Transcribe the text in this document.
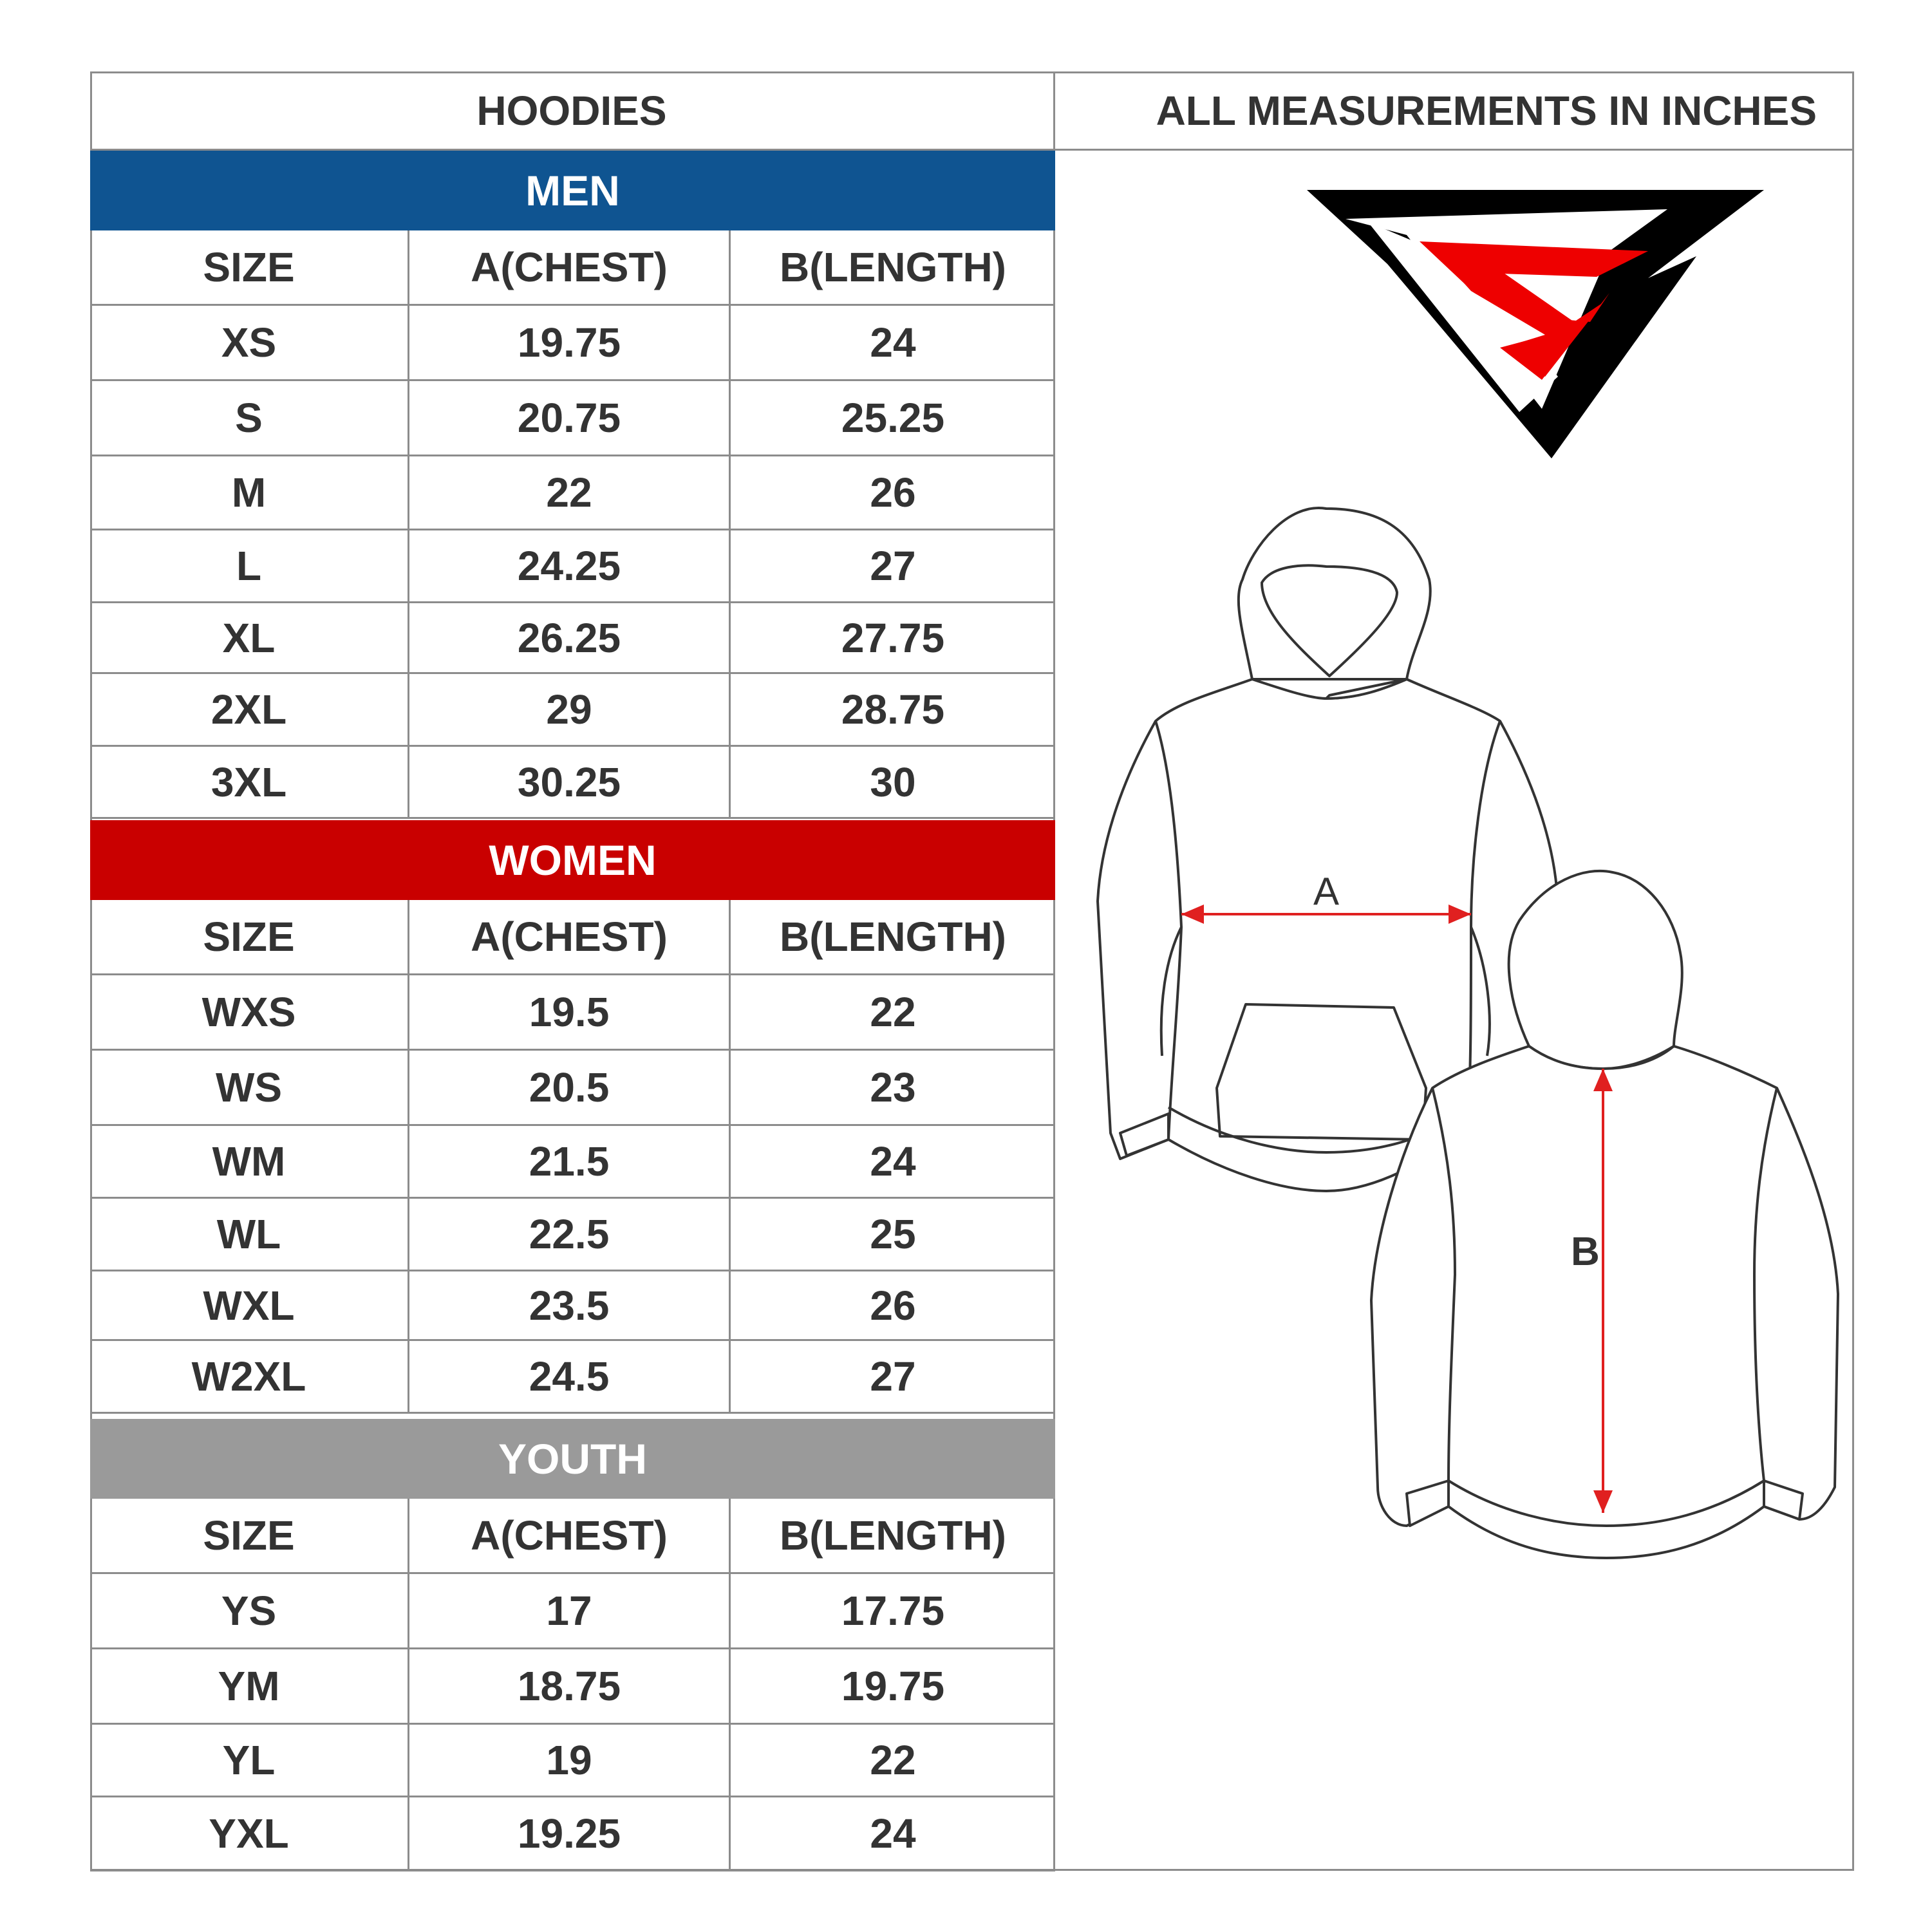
HOODIES	ALL MEASUREMENTS IN INCHES
MEN
SIZE	A(CHEST)	B(LENGTH)
XS	19.75	24
S	20.75	25.25
M	22	26
L	24.25	27
XL	26.25	27.75
2XL	29	28.75
3XL	30.25	30
WOMEN
SIZE	A(CHEST)	B(LENGTH)
WXS	19.5	22
WS	20.5	23
WM	21.5	24
WL	22.5	25
WXL	23.5	26
W2XL	24.5	27
YOUTH
SIZE	A(CHEST)	B(LENGTH)
YS	17	17.75
YM	18.75	19.75
YL	19	22
YXL	19.25	24
A
B
